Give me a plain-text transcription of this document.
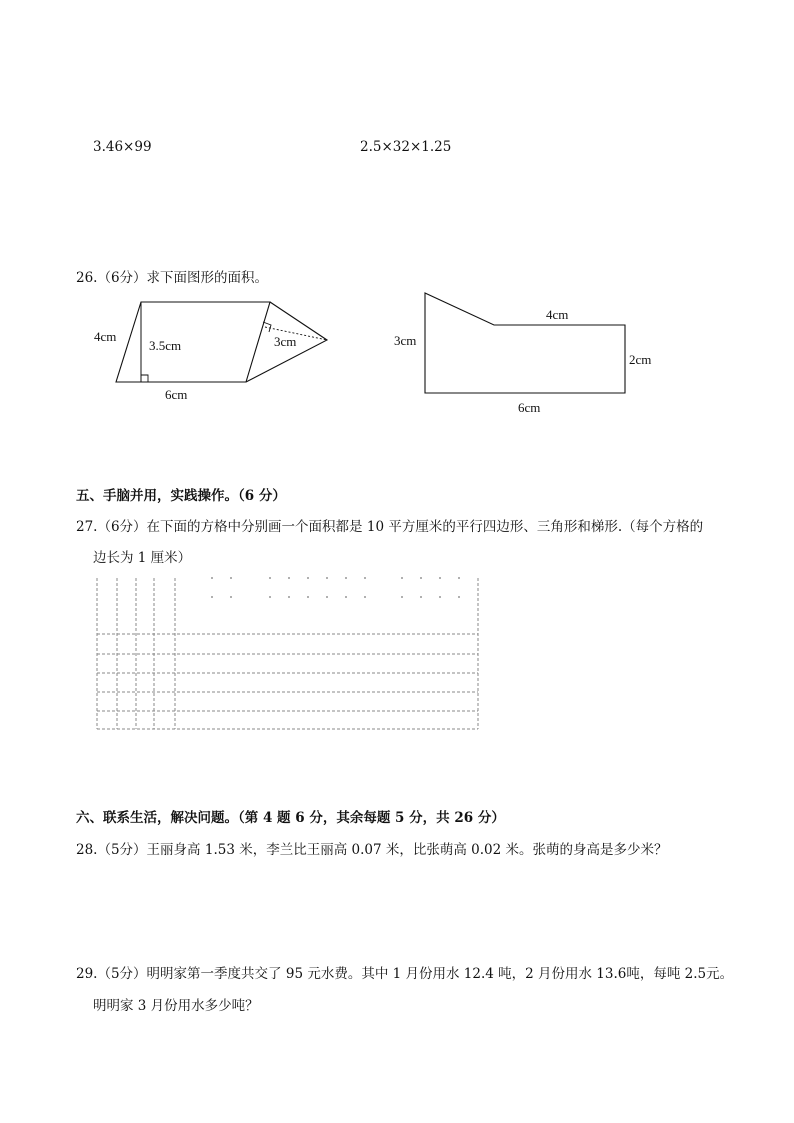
3.46×99	2.5×32×1.25
26.（6分）求下面图形的面积。
4cm
3.5cm	3cm
6cm
3cm
4cm
2cm
6cm
五、手脑并用，实践操作。（6 分）
27.（6分）在下面的方格中分别画一个面积都是 10 平方厘米的平行四边形、三角形和梯形.（每个方格的
边长为 1 厘米）
六、联系生活，解决问题。（第 4 题 6 分，其余每题 5 分，共 26 分）
28.（5分）王丽身高 1.53 米，李兰比王丽高 0.07 米，比张萌高 0.02 米。张萌的身高是多少米？
29.（5分）明明家第一季度共交了 95 元水费。其中 1 月份用水 12.4 吨，2 月份用水 13.6吨，每吨 2.5元。
明明家 3 月份用水多少吨？
